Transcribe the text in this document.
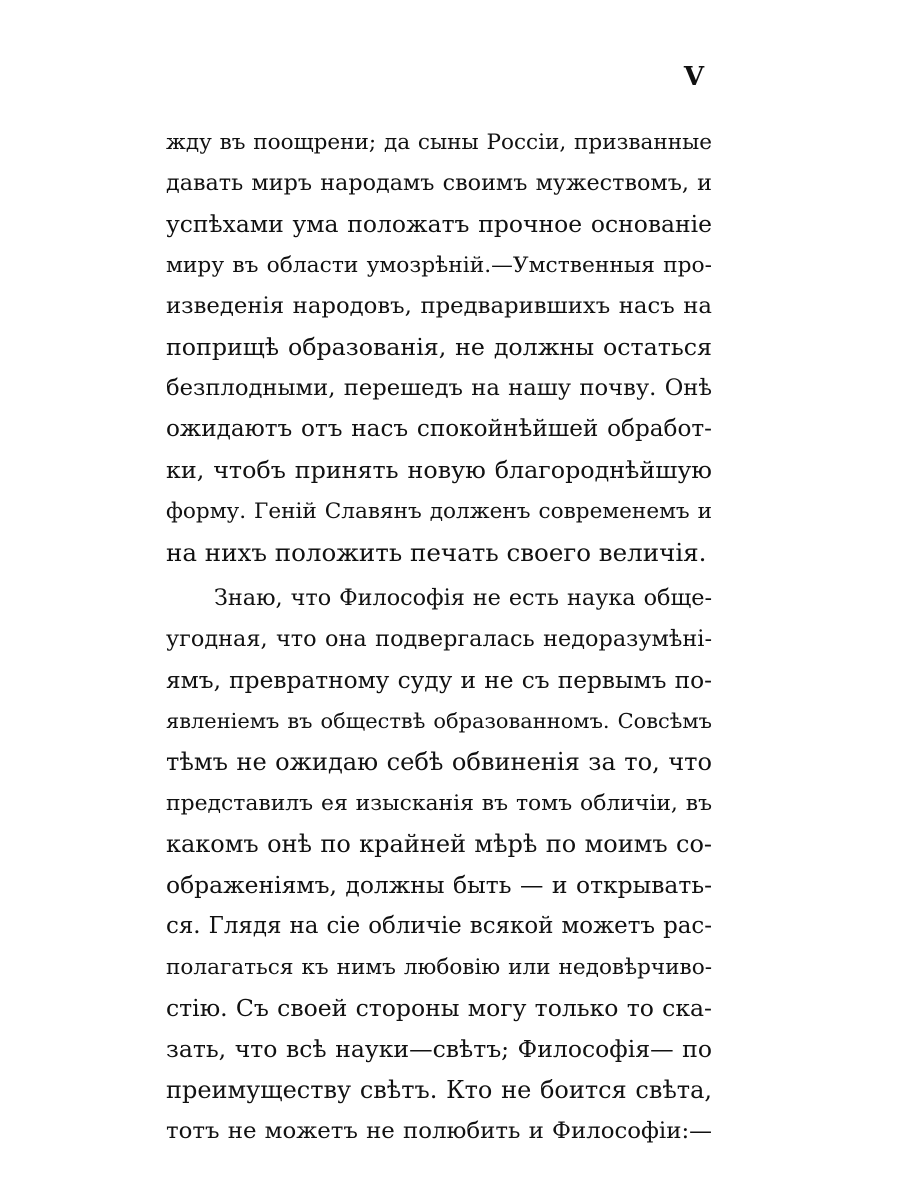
V
жду въ поощрени; да сыны Россіи, призванные
давать миръ народамъ своимъ мужествомъ, и
успѣхами ума положатъ прочное основаніе
миру въ области умозрѣній.—Умственныя про-
изведенія народовъ, предварившихъ насъ на
поприщѣ образованія, не должны остаться
безплодными, перешедъ на нашу почву. Онѣ
ожидаютъ отъ насъ спокойнѣйшей обработ-
ки, чтобъ принять новую благороднѣйшую
форму. Геній Славянъ долженъ современемъ и
на нихъ положить печать своего величія.
Знаю, что Философія не есть наука обще-
угодная, что она подвергалась недоразумѣні-
ямъ, превратному суду и не съ первымъ по-
явленіемъ въ обществѣ образованномъ. Совсѣмъ
тѣмъ не ожидаю себѣ обвиненія за то, что
представилъ ея изысканія въ томъ обличіи, въ
какомъ онѣ по крайней мѣрѣ по моимъ со-
ображеніямъ, должны быть — и открывать-
ся. Глядя на сіе обличіе всякой можетъ рас-
полагаться къ нимъ любовію или недовѣрчиво-
стію. Съ своей стороны могу только то ска-
зать, что всѣ науки—свѣтъ; Философія— по
преимуществу свѣтъ. Кто не боится свѣта,
тотъ не можетъ не полюбить и Философіи:—
